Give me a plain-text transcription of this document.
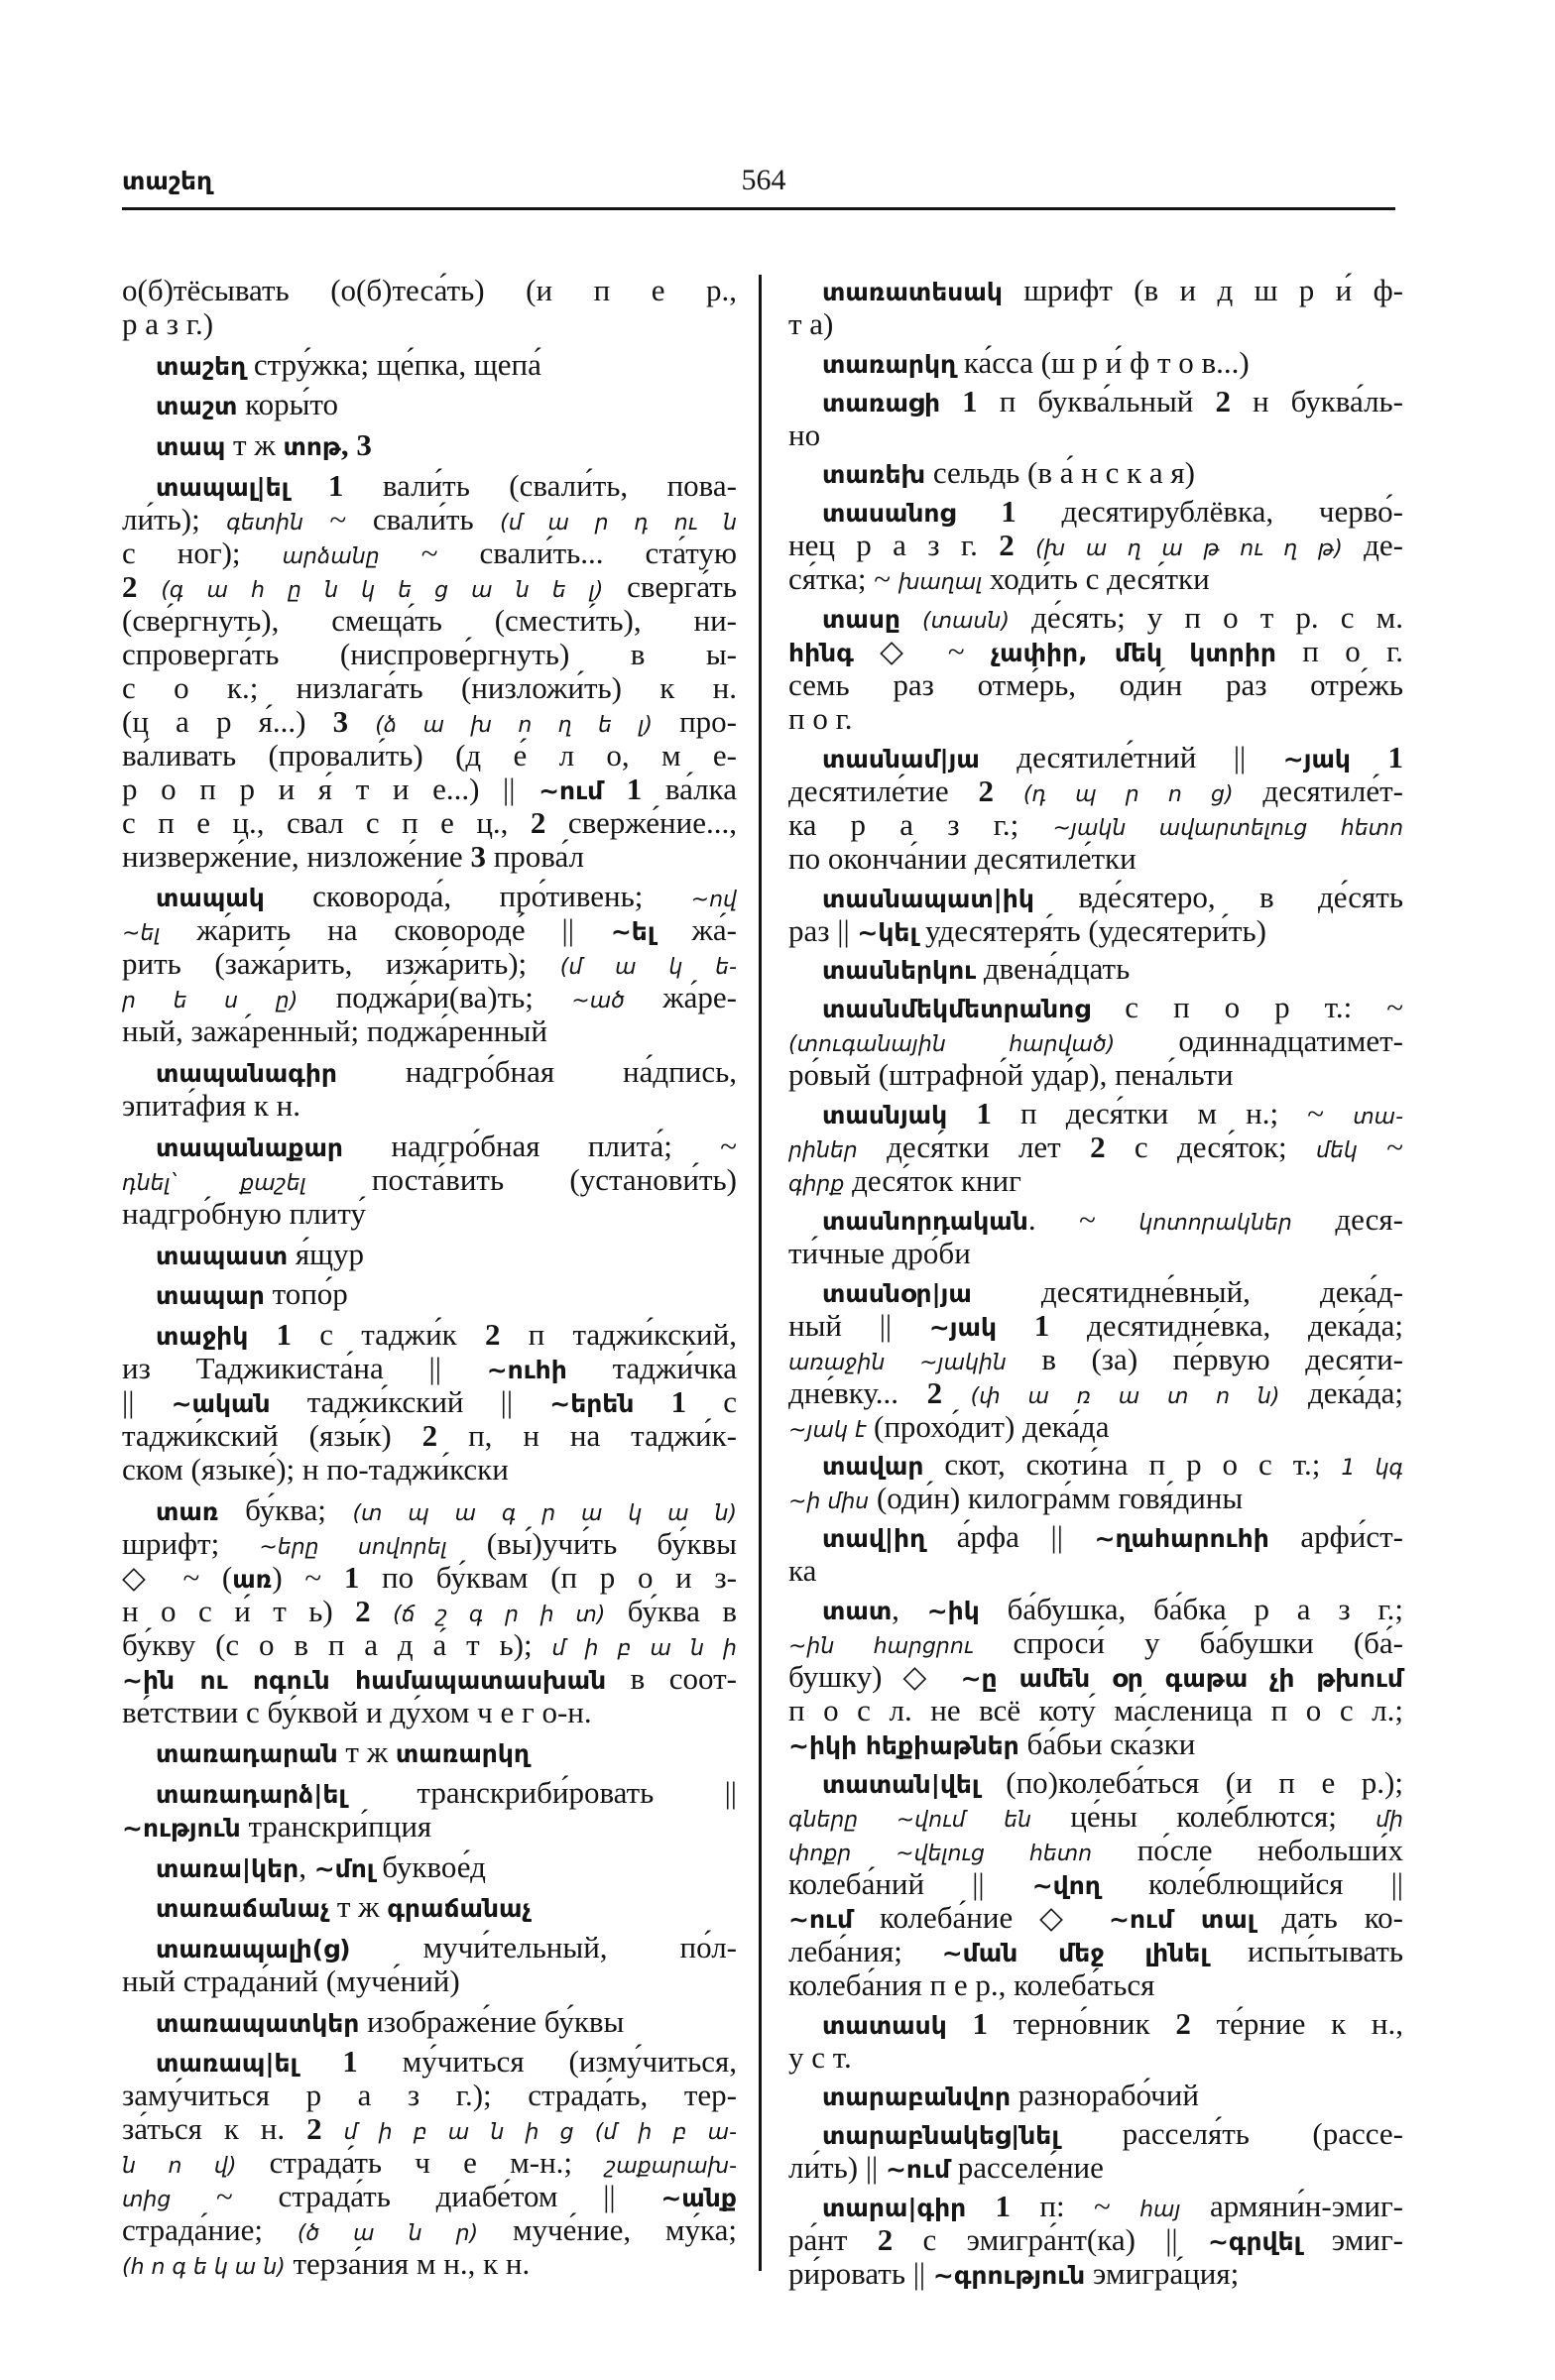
տաշեղ	564
о(б)тёсывать (о(б)теса́ть) (и п е р.,
р а з г.)
տաշեղ стру́жка; ще́пка, щепа́
տաշտ коры́то
տապ т ж տոթ, 3
տապալ|ել 1 вали́ть (свали́ть, пова-
ли́ть); գետին ~ свали́ть (մ ա ր դ ու ն
с ног); արձանը ~ свали́ть... ста́тую
2 (գ ա հ ը ն կ ե ց ա ն ե լ) сверга́ть
(све́ргнуть), смеща́ть (смести́ть), ни-
спроверга́ть (ниспрове́ргнуть) в ы-
с о к.; низлага́ть (низложи́ть) к н.
(ц а р я́...) 3 (ձ ա խ ո ղ ե լ) про-
ва́ливать (провали́ть) (д е́ л о, м е-
р о п р и я́ т и е...) || ~ում 1 ва́лка
с п е ц., свал с п е ц., 2 сверже́ние...,
низверже́ние, низложе́ние 3 прова́л
տապակ сковорода́, про́тивень; ~ով
~ել жа́рить на сковороде́ || ~ել жа́-
рить (зажа́рить, изжа́рить); (մ ա կ ե-
ր ե ս ը) поджа́ри(ва)ть; ~ած жа́ре-
ный, зажа́ренный; поджа́ренный
տապանագիր надгро́бная на́дпись,
эпита́фия к н.
տապանաքար надгро́бная плита́; ~
դնել՝ քաշել поста́вить (установи́ть)
надгро́бную плиту́
տապաստ я́щур
տապար топо́р
տաջիկ 1 с таджи́к 2 п таджи́кский,
из Таджикиста́на || ~ուհի таджи́чка
|| ~ական таджи́кский || ~երեն 1 с
таджи́кский (язы́к) 2 п, н на таджи́к-
ском (языке́); н по-таджи́кски
տառ бу́ква; (տ պ ա գ ր ա կ ա ն)
шрифт; ~երը սովորել (вы́)учи́ть бу́квы
◇ ~ (առ) ~ 1 по бу́квам (п р о и з-
н о с и́ т ь) 2 (ճ շ գ ր ի տ) бу́ква в
бу́кву (с о в п а д а́ т ь); մ ի բ ա ն ի
~ին ու ոգուն համապատասխան в соот-
ве́тствии с бу́квой и ду́хом ч е г о-н.
տառադարան т ж տառարկղ
տառադարձ|ել транскриби́ровать ||
~ություն транскри́пция
տառա|կեր, ~մոլ буквое́д
տառաճանաչ т ж գրաճանաչ
տառապալի(ց) мучи́тельный, по́л-
ный страда́ний (муче́ний)
տառապատկեր изображе́ние бу́квы
տառապ|ել 1 му́читься (изму́читься,
заму́читься р а з г.); страда́ть, тер-
за́ться к н. 2 մ ի բ ա ն ի ց (մ ի բ ա-
ն ո վ) страда́ть ч е м-н.; շաքարախ-
տից ~ страда́ть диабе́том || ~անք
страда́ние; (ծ ա ն ր) муче́ние, му́ка;
(հ ո գ ե կ ա ն) терза́ния м н., к н.
տառատեսակ шрифт (в и д ш р и́ ф-
т а)
տառարկղ ка́сса (ш р и́ ф т о в...)
տառացի 1 п буква́льный 2 н буква́ль-
но
տառեխ сельдь (в а́ н с к а я)
տասանոց 1 десятирублёвка, черво́-
нец р а з г. 2 (խ ա ղ ա թ ու ղ թ) де-
ся́тка; ~ խաղալ ходи́ть с деся́тки
տասը (տասն) де́сять; у п о т р. с м.
հինգ ◇ ~ չափիր, մեկ կտրիր п о г.
семь раз отме́рь, оди́н раз отре́жь
п о г.
տասնամ|յա десятиле́тний || ~յակ 1
десятиле́тие 2 (դ պ ր ո ց) десятиле́т-
ка р а з г.; ~յակն ավարտելուց հետո
по оконча́нии десятиле́тки
տասնապատ|իկ вде́сятеро, в де́сять
раз || ~կել удесятеря́ть (удесятери́ть)
տասներկու двена́дцать
տասնմեկմետրանոց с п о р т.: ~
(տուգանային հարված) одиннадцатимет-
ро́вый (штрафно́й уда́р), пена́льти
տասնյակ 1 п деся́тки м н.; ~ տա-
րիներ деся́тки лет 2 с деся́ток; մեկ ~
գիրք деся́ток книг
տասնորդական. ~ կոտորակներ деся-
ти́чные дро́би
տասնօր|յա десятидне́вный, дека́д-
ный || ~յակ 1 десятидне́вка, дека́да;
առաջին ~յակին в (за) пе́рвую десяти-
дне́вку... 2 (փ ա ռ ա տ ո ն) дека́да;
~յակ է (прохо́дит) дека́да
տավար скот, скоти́на п р о с т.; 1 կգ
~ի միս (оди́н) килогра́мм говя́дины
տավ|իղ а́рфа || ~ղահարուհի арфи́ст-
ка
տատ, ~իկ ба́бушка, ба́бка р а з г.;
~ին հարցրու спроси́ у ба́бушки (ба́-
бушку) ◇ ~ը ամեն օր գաթա չի թխում
п о с л. не всё коту́ ма́сленица п о с л.;
~իկի հեքիաթներ ба́бьи ска́зки
տատան|վել (по)колеба́ться (и п е р.);
գները ~վում են це́ны коле́блются; մի
փոքր ~վելուց հետո по́сле небольши́х
колеба́ний || ~վող коле́блющийся ||
~ում колеба́ние ◇ ~ում տալ дать ко-
леба́ния; ~ման մեջ լինել испы́тывать
колеба́ния п е р., колеба́ться
տատասկ 1 терно́вник 2 те́рние к н.,
у с т.
տարաբանվոր разнорабо́чий
տարաբնակեց|նել расселя́ть (рассе-
ли́ть) || ~ում расселе́ние
տարա|գիր 1 п: ~ հայ армяни́н-эмиг-
ра́нт 2 с эмигра́нт(ка) || ~գրվել эмиг-
ри́ровать || ~գրություն эмигра́ция;
